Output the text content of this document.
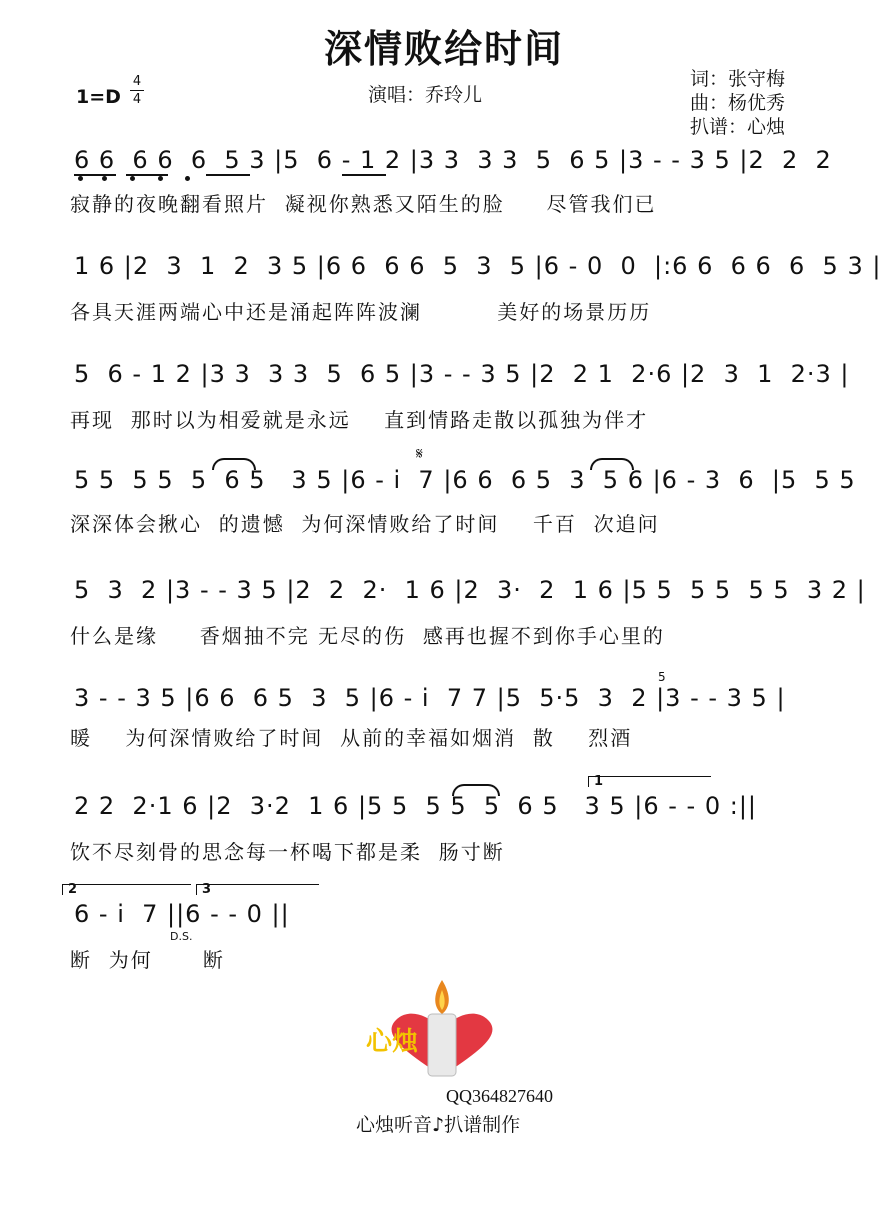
深情败给时间
1=D
4
4	演唱：乔玲儿
词：张守梅
曲：杨优秀
扒谱：心烛
6 6  6 6  6  5 3 |5  6 - 1 2 |3 3  3 3  5  6 5 |3 - - 3 5 |2  2  2
寂静的夜晚翻看照片  凝视你熟悉又陌生的脸     尽管我们已
1 6 |2  3  1  2  3 5 |6 6  6 6  5  3  5 |6 - 0  0  |:6 6  6 6  6  5 3 |
各具天涯两端心中还是涌起阵阵波澜         美好的场景历历
5  6 - 1 2 |3 3  3 3  5  6 5 |3 - - 3 5 |2  2 1  2·6 |2  3  1  2·3 |
再现  那时以为相爱就是永远    直到情路走散以孤独为伴才
𝄋
5 5  5 5  5  6 5   3 5 |6 - i  7 |6 6  6 5  3  5 6 |6 - 3  6  |5  5 5
深深体会揪心  的遗憾  为何深情败给了时间    千百  次追问
5  3  2 |3 - - 3 5 |2  2  2·  1 6 |2  3·  2  1 6 |5 5  5 5  5 5  3 2 |
什么是缘     香烟抽不完 无尽的伤  感再也握不到你手心里的
5
3 - - 3 5 |6 6  6 5  3  5 |6 - i  7 7 |5  5·5  3  2 |3 - - 3 5 |
暖    为何深情败给了时间  从前的幸福如烟消  散    烈酒
1
2 2  2·1 6 |2  3·2  1 6 |5 5  5 5  5  6 5   3 5 |6 - - 0 :||
饮不尽刻骨的思念每一杯喝下都是柔  肠寸断
2	3
6 - i  7 ||6 - - 0 ||
D.S.
断  为何      断
心烛
QQ364827640
心烛听音♪扒谱制作
